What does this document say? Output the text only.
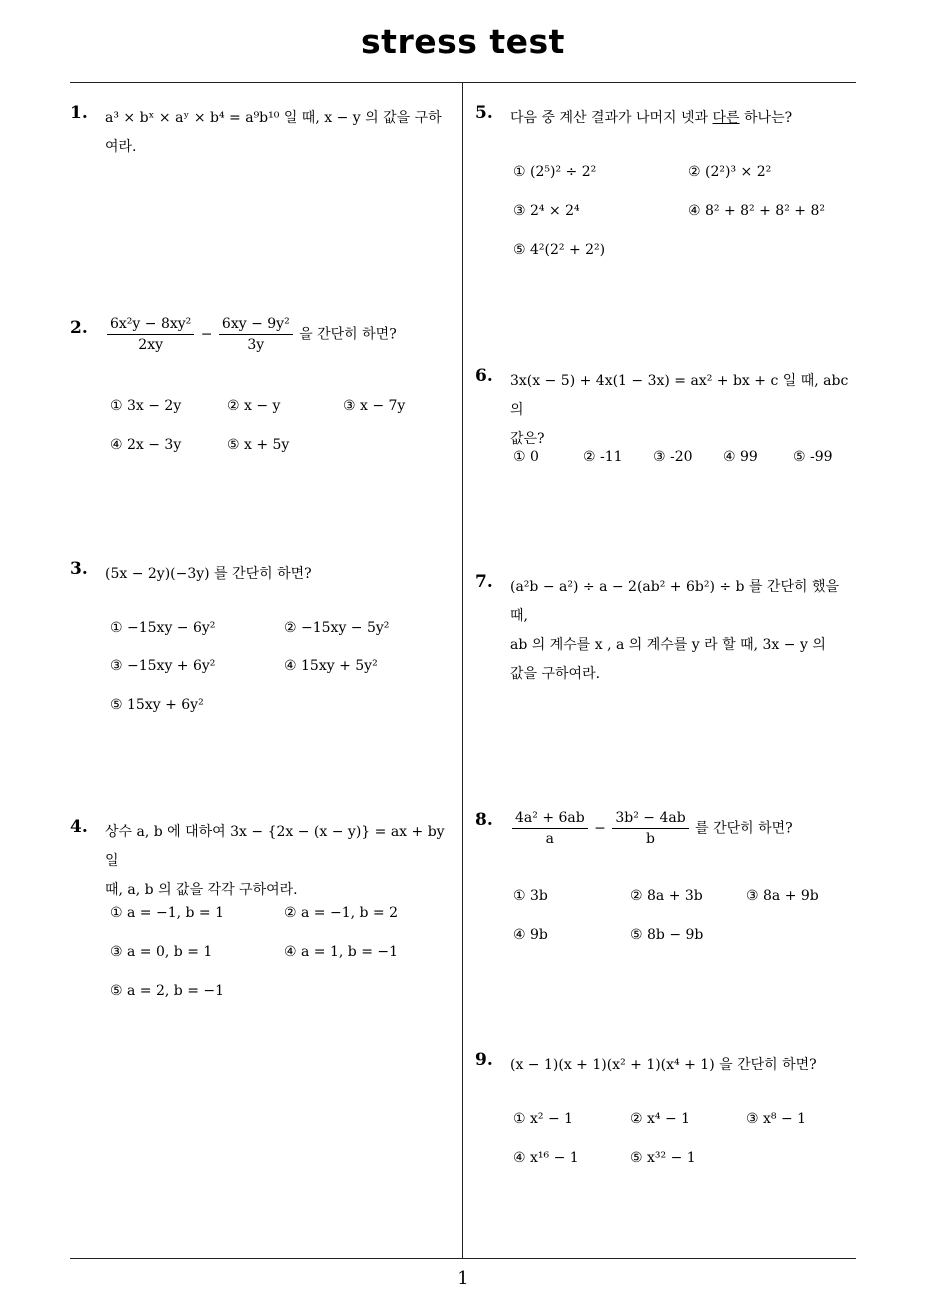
stress test
1
1. a³ × bˣ × aʸ × b⁴ = a⁹b¹⁰ 일 때, x − y 의 값을 구하
여라.
2. $\frac{\text{6x²y − 8xy²}}{2xy} - \frac{\text{6xy − 9y²}}{3y}$ 을 간단히 하면?
① 3x − 2y	② x − y	③ x − 7y
④ 2x − 3y	⑤ x + 5y
3. (5x − 2y)(−3y) 를 간단히 하면?
① −15xy − 6y²	② −15xy − 5y²
③ −15xy + 6y²	④ 15xy + 5y²
⑤ 15xy + 6y²
4. 상수 a, b 에 대하여 3x − {2x − (x − y)} = ax + by 일
때, a, b 의 값을 각각 구하여라.
① a = −1, b = 1	② a = −1, b = 2
③ a = 0, b = 1	④ a = 1, b = −1
⑤ a = 2, b = −1
5. 다음 중 계산 결과가 나머지 넷과 다른 하나는?
① (2⁵)² ÷ 2²	② (2²)³ × 2²
③ 2⁴ × 2⁴	④ 8² + 8² + 8² + 8²
⑤ 4²(2² + 2²)
6. 3x(x − 5) + 4x(1 − 3x) = ax² + bx + c 일 때, abc 의
값은?
① 0	② -11 ③ -20 ④ 99	⑤ -99
7. (a²b − a²) ÷ a − 2(ab² + 6b²) ÷ b 를 간단히 했을 때,
ab 의 계수를 x , a 의 계수를 y 라 할 때, 3x − y 의
값을 구하여라.
8. $\frac{\text{4a² + 6ab}}{a} - \frac{\text{3b² − 4ab}}{b}$ 를 간단히 하면?
① 3b	② 8a + 3b	③ 8a + 9b
④ 9b	⑤ 8b − 9b
9. (x − 1)(x + 1)(x² + 1)(x⁴ + 1) 을 간단히 하면?
① x² − 1	② x⁴ − 1	③ x⁸ − 1
④ x¹⁶ − 1	⑤ x³² − 1
